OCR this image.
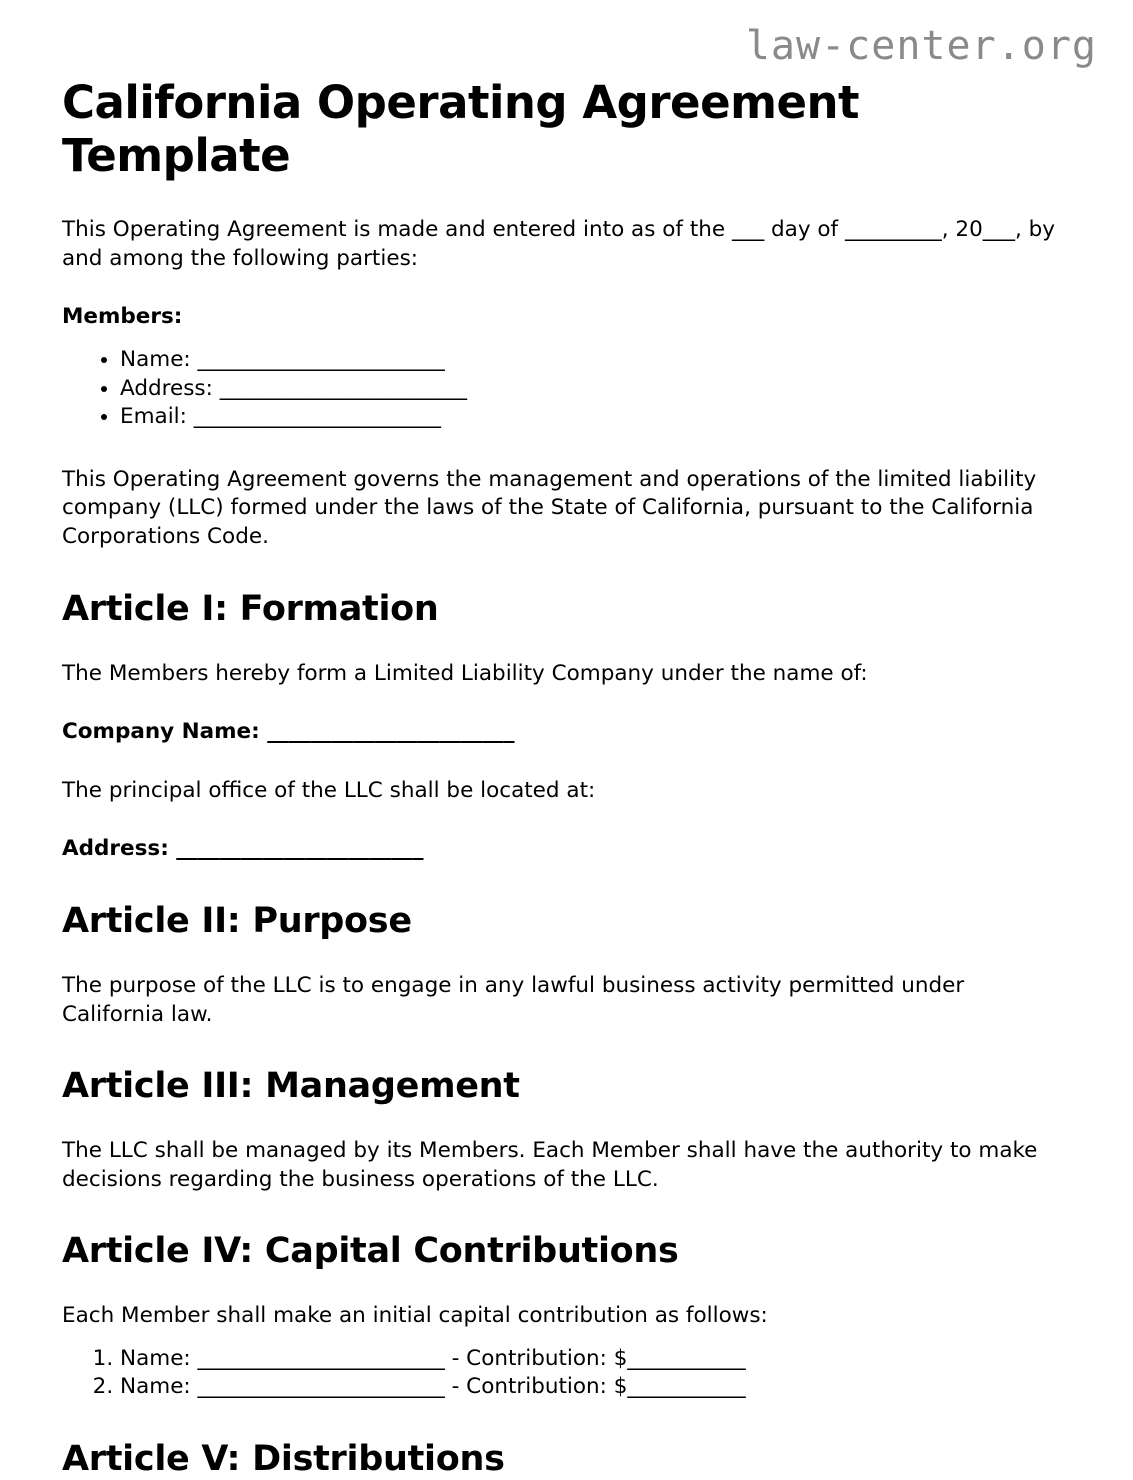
law-center.org
California Operating Agreement Template

This Operating Agreement is made and entered into as of the ___ day of _________, 20___, by and among the following parties:

Members:

• Name: _______________________
• Address: _______________________
• Email: _______________________

This Operating Agreement governs the management and operations of the limited liability company (LLC) formed under the laws of the State of California, pursuant to the California Corporations Code.

Article I: Formation

The Members hereby form a Limited Liability Company under the name of:

Company Name: _______________________

The principal office of the LLC shall be located at:

Address: _______________________

Article II: Purpose

The purpose of the LLC is to engage in any lawful business activity permitted under California law.

Article III: Management

The LLC shall be managed by its Members. Each Member shall have the authority to make decisions regarding the business operations of the LLC.

Article IV: Capital Contributions

Each Member shall make an initial capital contribution as follows:

1. Name: _______________________ - Contribution: $___________
2. Name: _______________________ - Contribution: $___________
Article V: Distributions
